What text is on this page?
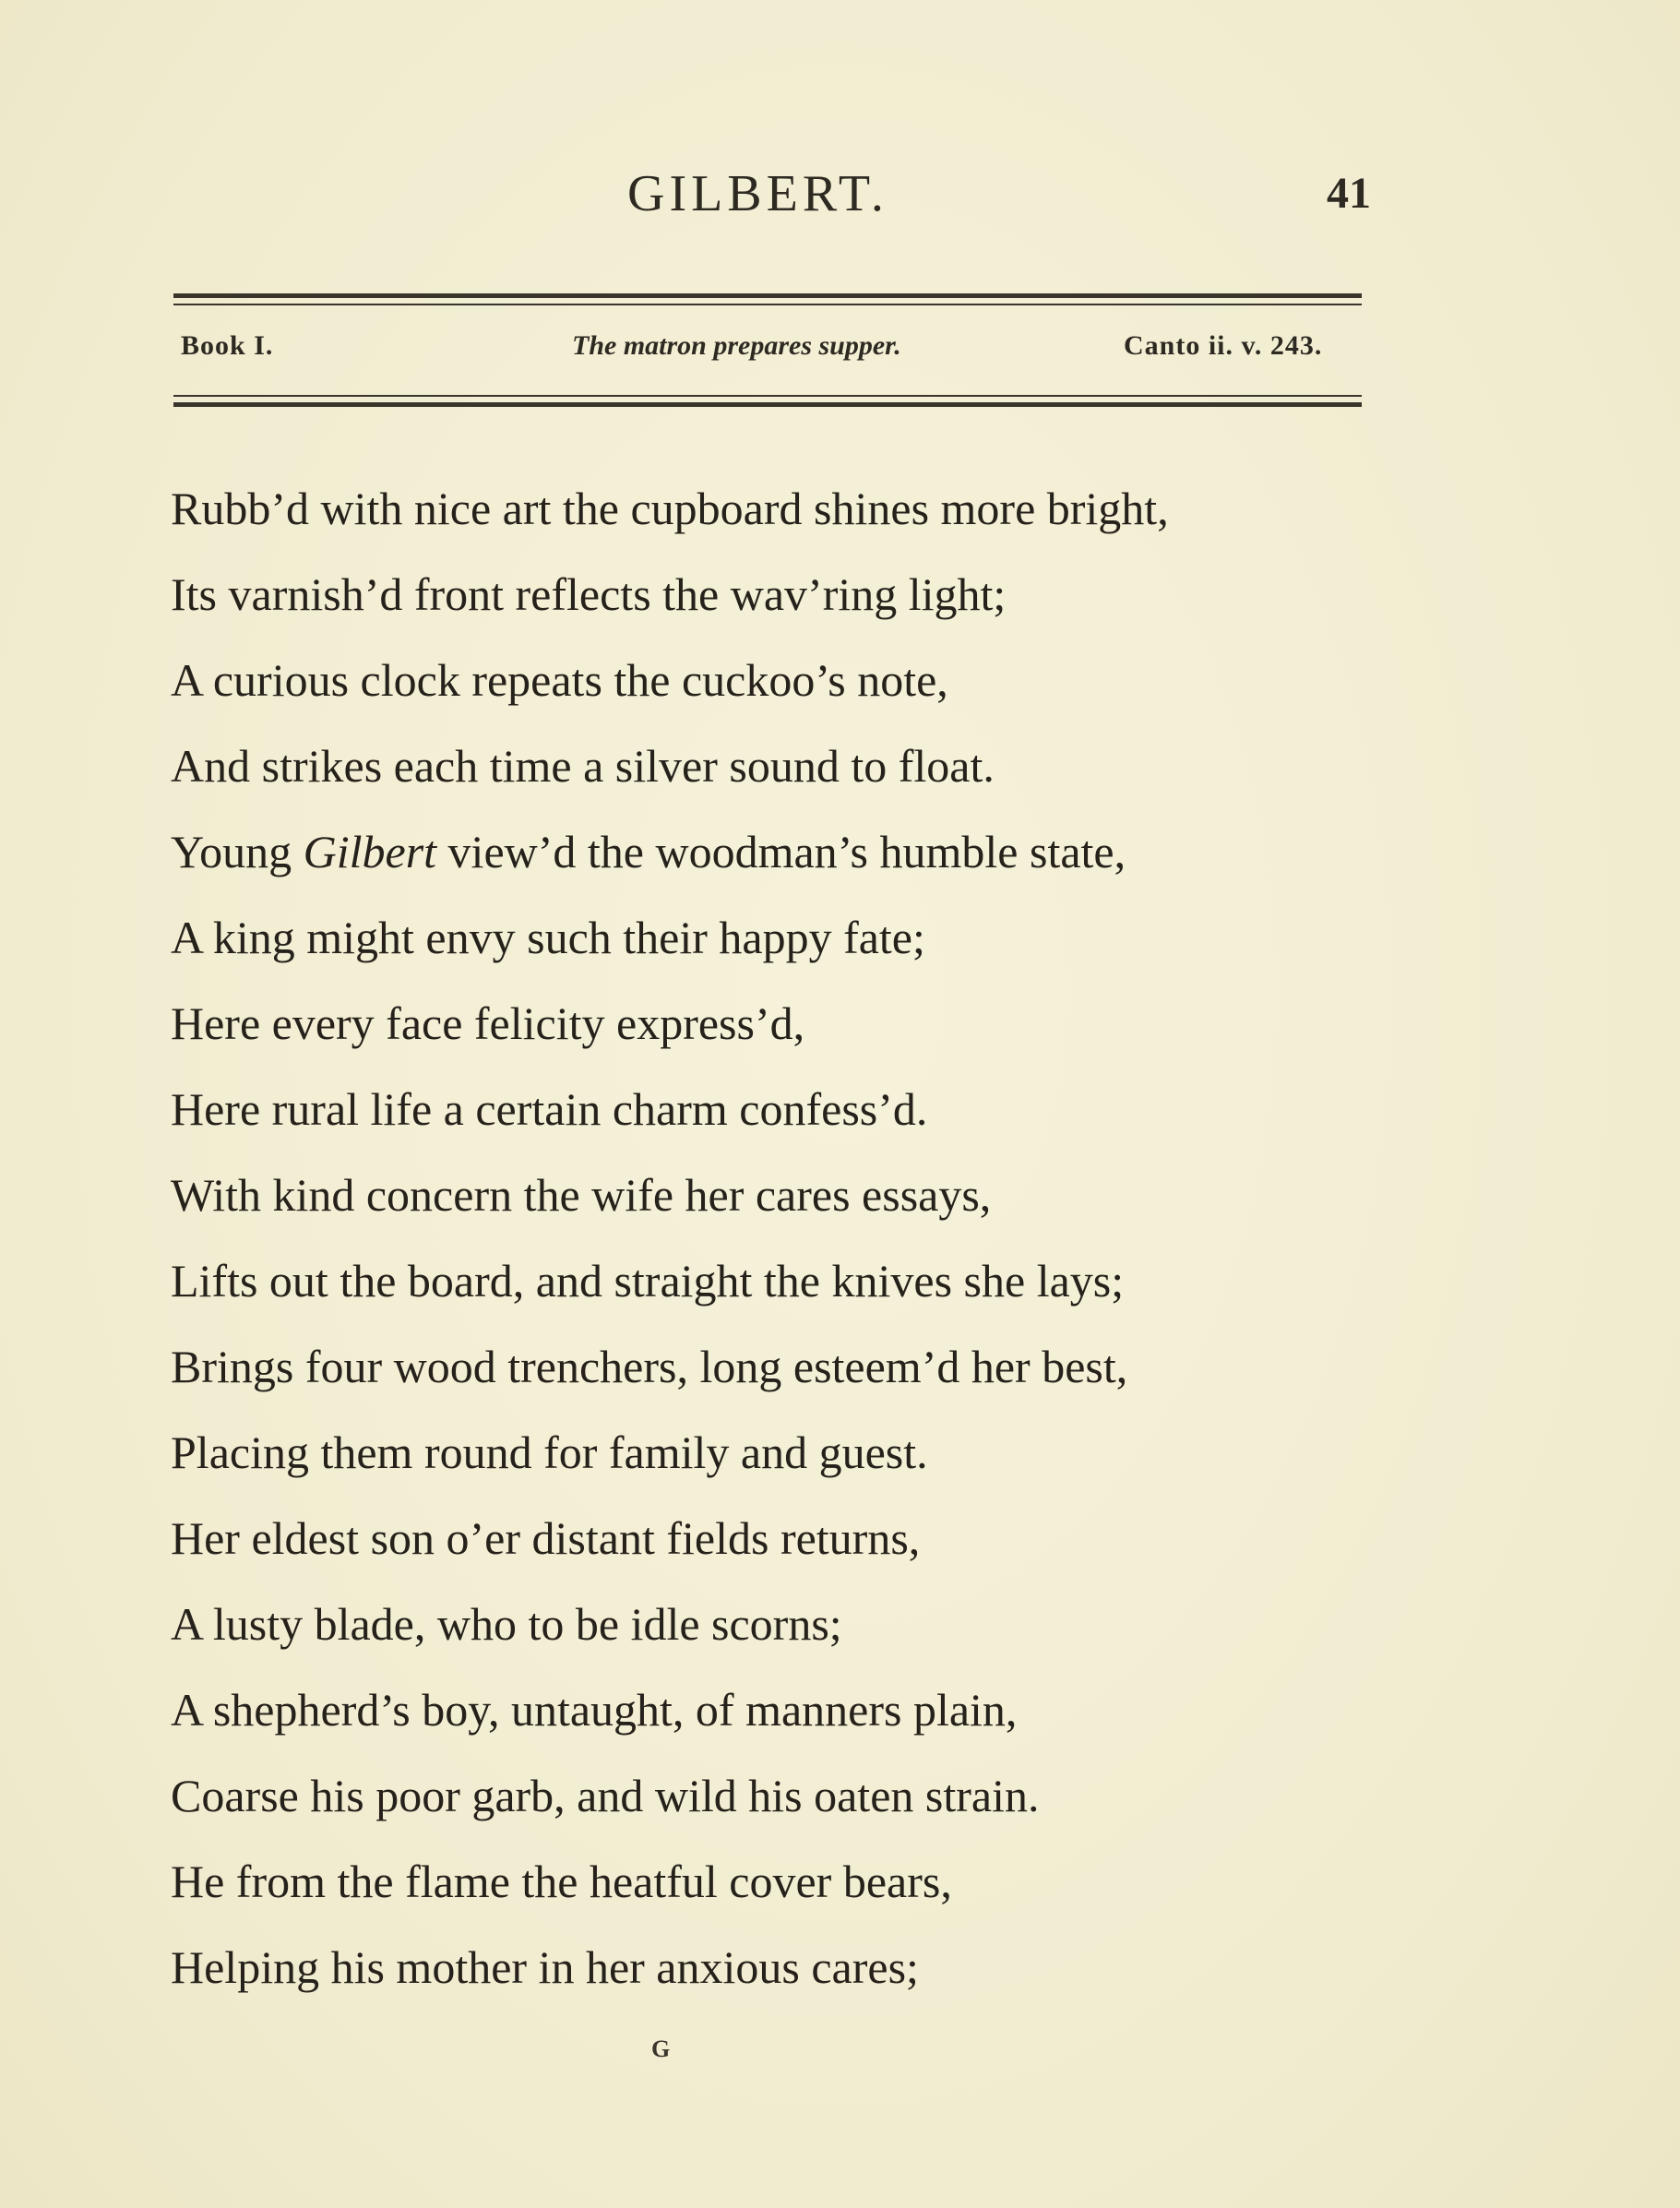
GILBERT.	41
Book I.	The matron prepares supper.	Canto ii. v. 243.
Rubb’d with nice art the cupboard shines more bright,
Its varnish’d front reflects the wav’ring light;
A curious clock repeats the cuckoo’s note,
And strikes each time a silver sound to float.
Young Gilbert view’d the woodman’s humble state,
A king might envy such their happy fate;
Here every face felicity express’d,
Here rural life a certain charm confess’d.
With kind concern the wife her cares essays,
Lifts out the board, and straight the knives she lays;
Brings four wood trenchers, long esteem’d her best,
Placing them round for family and guest.
Her eldest son o’er distant fields returns,
A lusty blade, who to be idle scorns;
A shepherd’s boy, untaught, of manners plain,
Coarse his poor garb, and wild his oaten strain.
He from the flame the heatful cover bears,
Helping his mother in her anxious cares;
G
